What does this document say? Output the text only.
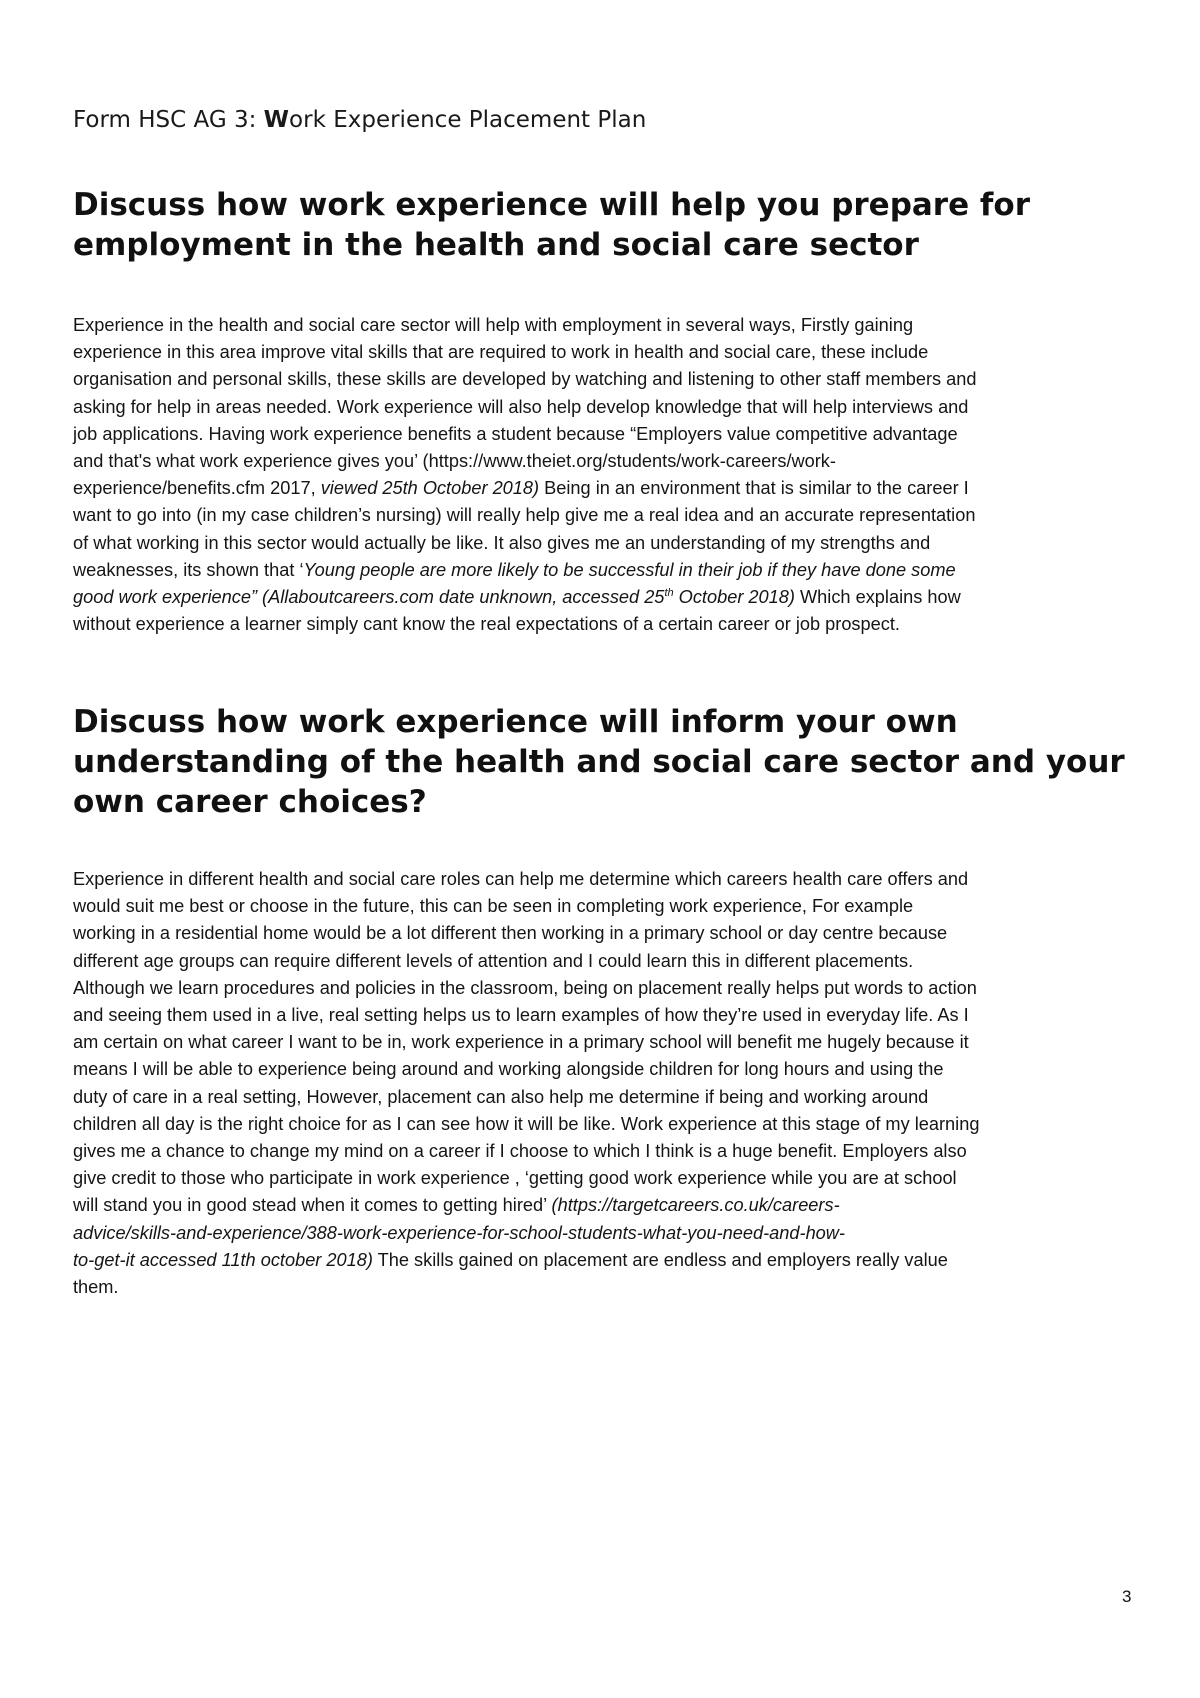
Form HSC AG 3: Work Experience Placement Plan
Discuss how work experience will help you prepare for employment in the health and social care sector
Experience in the health and social care sector will help with employment in several ways, Firstly gaining
experience in this area improve vital skills that are required to work in health and social care, these include
organisation and personal skills, these skills are developed by watching and listening to other staff members and
asking for help in areas needed. Work experience will also help develop knowledge that will help interviews and
job applications. Having work experience benefits a student because “Employers value competitive advantage
and that's what work experience gives you’ (https://www.theiet.org/students/work-careers/work-
experience/benefits.cfm 2017, viewed 25th October 2018) Being in an environment that is similar to the career I
want to go into (in my case children’s nursing) will really help give me a real idea and an accurate representation
of what working in this sector would actually be like. It also gives me an understanding of my strengths and
weaknesses, its shown that ‘Young people are more likely to be successful in their job if they have done some
good work experience” (Allaboutcareers.com date unknown, accessed 25th October 2018) Which explains how
without experience a learner simply cant know the real expectations of a certain career or job prospect.
Discuss how work experience will inform your own understanding of the health and social care sector and your own career choices?
Experience in different health and social care roles can help me determine which careers health care offers and
would suit me best or choose in the future, this can be seen in completing work experience, For example
working in a residential home would be a lot different then working in a primary school or day centre because
different age groups can require different levels of attention and I could learn this in different placements.
Although we learn procedures and policies in the classroom, being on placement really helps put words to action
and seeing them used in a live, real setting helps us to learn examples of how they’re used in everyday life. As I
am certain on what career I want to be in, work experience in a primary school will benefit me hugely because it
means I will be able to experience being around and working alongside children for long hours and using the
duty of care in a real setting, However, placement can also help me determine if being and working around
children all day is the right choice for as I can see how it will be like. Work experience at this stage of my learning
gives me a chance to change my mind on a career if I choose to which I think is a huge benefit. Employers also
give credit to those who participate in work experience , ‘getting good work experience while you are at school
will stand you in good stead when it comes to getting hired’ (https://targetcareers.co.uk/careers-
advice/skills-and-experience/388-work-experience-for-school-students-what-you-need-and-how-
to-get-it accessed 11th october 2018) The skills gained on placement are endless and employers really value
them.
3
